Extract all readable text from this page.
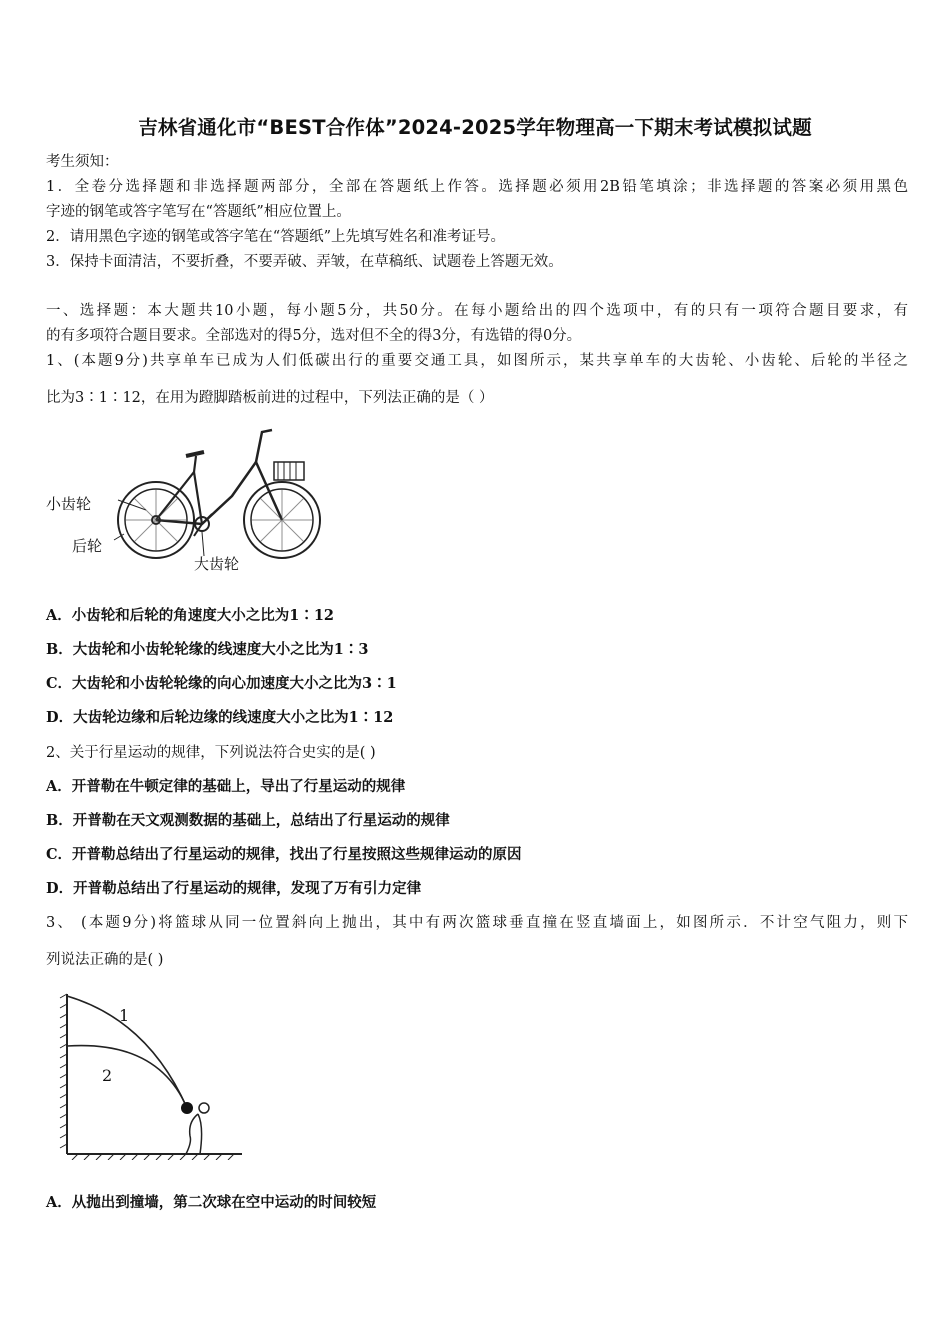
吉林省通化市“BEST合作体”2024-2025学年物理高一下期末考试模拟试题
考生须知：
1．全卷分选择题和非选择题两部分，全部在答题纸上作答。选择题必须用2B铅笔填涂；非选择题的答案必须用黑色
字迹的钢笔或答字笔写在“答题纸”相应位置上。
2．请用黑色字迹的钢笔或答字笔在“答题纸”上先填写姓名和准考证号。
3．保持卡面清洁，不要折叠，不要弄破、弄皱，在草稿纸、试题卷上答题无效。
一、选择题：本大题共10小题，每小题5分，共50分。在每小题给出的四个选项中，有的只有一项符合题目要求，有
的有多项符合题目要求。全部选对的得5分，选对但不全的得3分，有选错的得0分。
1、(本题9分)共享单车已成为人们低碳出行的重要交通工具，如图所示，某共享单车的大齿轮、小齿轮、后轮的半径之
比为3∶1∶12，在用为蹬脚踏板前进的过程中，下列法正确的是（ ）
小齿轮
后轮
大齿轮
A．小齿轮和后轮的角速度大小之比为1∶12
B．大齿轮和小齿轮轮缘的线速度大小之比为1∶3
C．大齿轮和小齿轮轮缘的向心加速度大小之比为3∶1
D．大齿轮边缘和后轮边缘的线速度大小之比为1∶12
2、关于行星运动的规律，下列说法符合史实的是( )
A．开普勒在牛顿定律的基础上，导出了行星运动的规律
B．开普勒在天文观测数据的基础上，总结出了行星运动的规律
C．开普勒总结出了行星运动的规律，找出了行星按照这些规律运动的原因
D．开普勒总结出了行星运动的规律，发现了万有引力定律
3、 (本题9分)将篮球从同一位置斜向上抛出，其中有两次篮球垂直撞在竖直墙面上，如图所示．不计空气阻力，则下
列说法正确的是( )
1
2
A．从抛出到撞墙，第二次球在空中运动的时间较短
